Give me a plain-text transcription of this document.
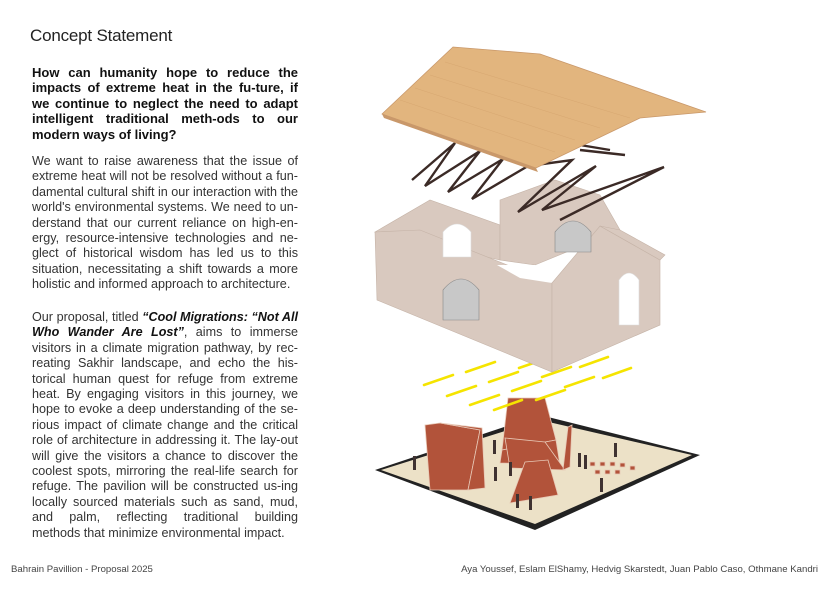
Concept Statement
How can humanity hope to reduce the impacts of extreme heat in the fu-ture, if we continue to neglect the need to adapt intelligent traditional meth-ods to our modern ways of living?
We want to raise awareness that the issue of extreme heat will not be resolved without a fun-damental cultural shift in our interaction with the world's environmental systems. We need to un-derstand that our current reliance on high-en-ergy, resource-intensive technologies and ne-glect of historical wisdom has led us to this situation, necessitating a shift towards a more holistic and informed approach to architecture.
Our proposal, titled “Cool Migrations: “Not All Who Wander Are Lost”, aims to immerse visitors in a climate migration pathway, by rec-reating Sakhir landscape, and echo the his-torical human quest for refuge from extreme heat. By engaging visitors in this journey, we hope to evoke a deep understanding of the se-rious impact of climate change and the critical role of architecture in addressing it. The lay-out will give the visitors a chance to discover the coolest spots, mirroring the real-life search for refuge. The pavilion will be constructed us-ing locally sourced materials such as sand, mud, and palm, reflecting traditional building methods that minimize environmental impact.
Bahrain Pavillion - Proposal 2025	Aya Youssef, Eslam ElShamy, Hedvig Skarstedt, Juan Pablo Caso, Othmane Kandri
